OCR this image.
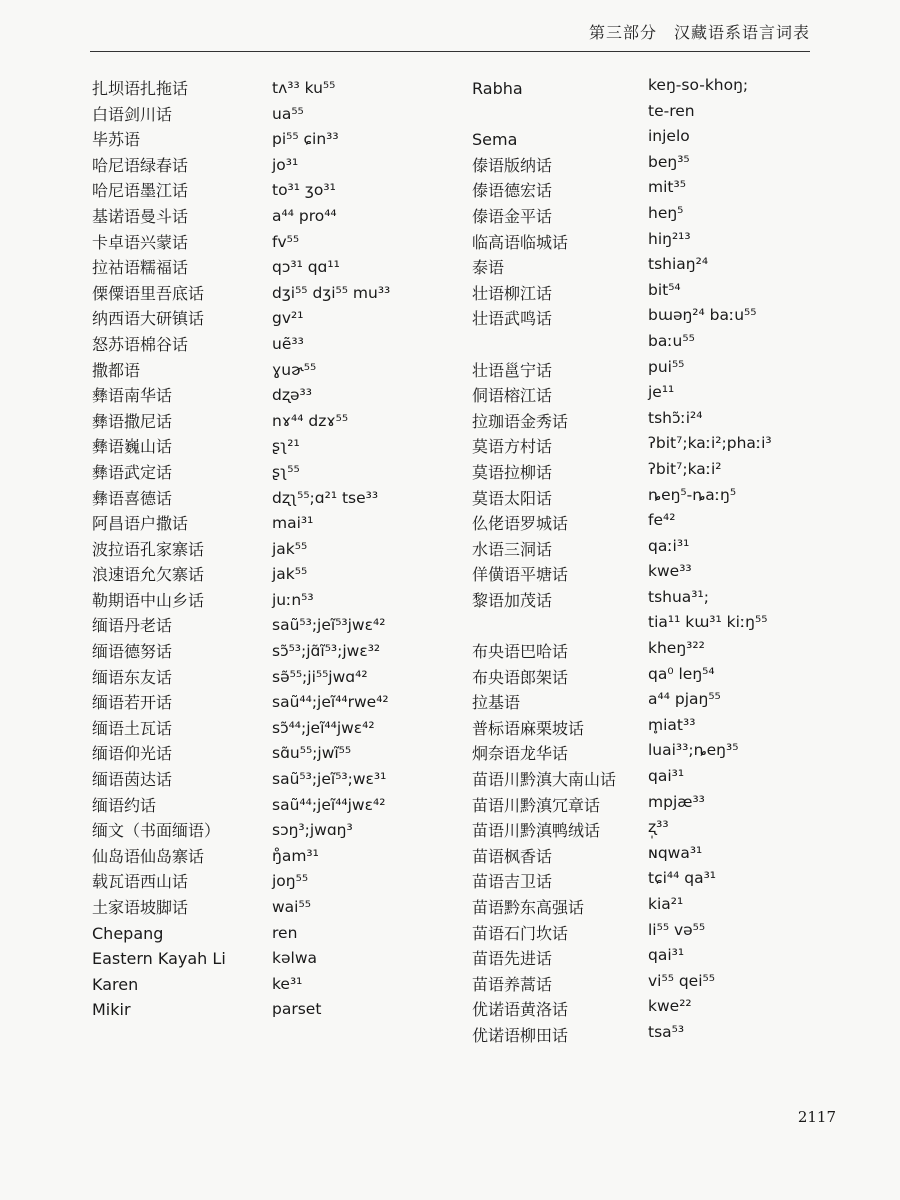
第三部分　汉藏语系语言词表
扎坝语扎拖话
白语剑川话
毕苏语
哈尼语绿春话
哈尼语墨江话
基诺语曼斗话
卡卓语兴蒙话
拉祜语糯福话
傈僳语里吾底话
纳西语大研镇话
怒苏语棉谷话
撒都语
彝语南华话
彝语撒尼话
彝语巍山话
彝语武定话
彝语喜德话
阿昌语户撒话
波拉语孔家寨话
浪速语允欠寨话
勒期语中山乡话
缅语丹老话
缅语德努话
缅语东友话
缅语若开话
缅语土瓦话
缅语仰光话
缅语茵达话
缅语约话
缅文（书面缅语）
仙岛语仙岛寨话
载瓦语西山话
土家语坡脚话
Chepang
Eastern Kayah Li
Karen
Mikir
tʌ³³ ku⁵⁵
ua⁵⁵
pi⁵⁵ ɕin³³
jo³¹
to³¹ ʒo³¹
a⁴⁴ pro⁴⁴
fv⁵⁵
qɔ³¹ qɑ¹¹
dʒi⁵⁵ dʒi⁵⁵ mu³³
gv²¹
uẽ³³
ɣuɚ⁵⁵
dʐə³³
nɤ⁴⁴ dzɤ⁵⁵
ʂʅ²¹
ʂʅ⁵⁵
dʐʅ⁵⁵;ɑ²¹ tse³³
mai³¹
jak⁵⁵
jak⁵⁵
juːn⁵³
saũ⁵³;jeĩ⁵³jwɛ⁴²
sɔ̃⁵³;jɑ̃ĩ⁵³;jwɛ³²
sə̃⁵⁵;ji⁵⁵jwɑ⁴²
saũ⁴⁴;jeĩ⁴⁴rwe⁴²
sɔ̃⁴⁴;jeĩ⁴⁴jwɛ⁴²
sɑ̃u⁵⁵;jwĩ⁵⁵
saũ⁵³;jeĩ⁵³;wɛ³¹
saũ⁴⁴;jeĩ⁴⁴jwɛ⁴²
sɔŋ³;jwɑŋ³
ŋ̊am³¹
joŋ⁵⁵
wai⁵⁵
ren
kəlwa
ke³¹
parset
Rabha
Sema
傣语版纳话
傣语德宏话
傣语金平话
临高语临城话
泰语
壮语柳江话
壮语武鸣话
壮语邕宁话
侗语榕江话
拉珈语金秀话
莫语方村话
莫语拉柳话
莫语太阳话
仫佬语罗城话
水语三洞话
佯僙语平塘话
黎语加茂话
布央语巴哈话
布央语郎架话
拉基语
普标语麻栗坡话
炯奈语龙华话
苗语川黔滇大南山话
苗语川黔滇冗章话
苗语川黔滇鸭绒话
苗语枫香话
苗语吉卫话
苗语黔东高强话
苗语石门坎话
苗语先进话
苗语养蒿话
优诺语黄洛话
优诺语柳田话
keŋ-so-khoŋ;
te-ren
injelo
beŋ³⁵
mit³⁵
heŋ⁵
hiŋ²¹³
tshiaŋ²⁴
bit⁵⁴
bɯəŋ²⁴ baːu⁵⁵
baːu⁵⁵
pui⁵⁵
je¹¹
tshɔ̃ːi²⁴
ʔbit⁷;kaːi²;phaːi³
ʔbit⁷;kaːi²
ȵeŋ⁵-ȵaːŋ⁵
fe⁴²
qaːi³¹
kwe³³
tshua³¹;
tia¹¹ kɯ³¹ kiːŋ⁵⁵
kheŋ³²²
qa⁰ leŋ⁵⁴
a⁴⁴ pjaŋ⁵⁵
m̥iat³³
luai³³;ȵeŋ³⁵
qai³¹
mpjæ³³
ʐ̩³³
ɴqwa³¹
tɕi⁴⁴ qa³¹
kia²¹
li⁵⁵ və⁵⁵
qai³¹
vi⁵⁵ qei⁵⁵
kwe²²
tsa⁵³
2117
